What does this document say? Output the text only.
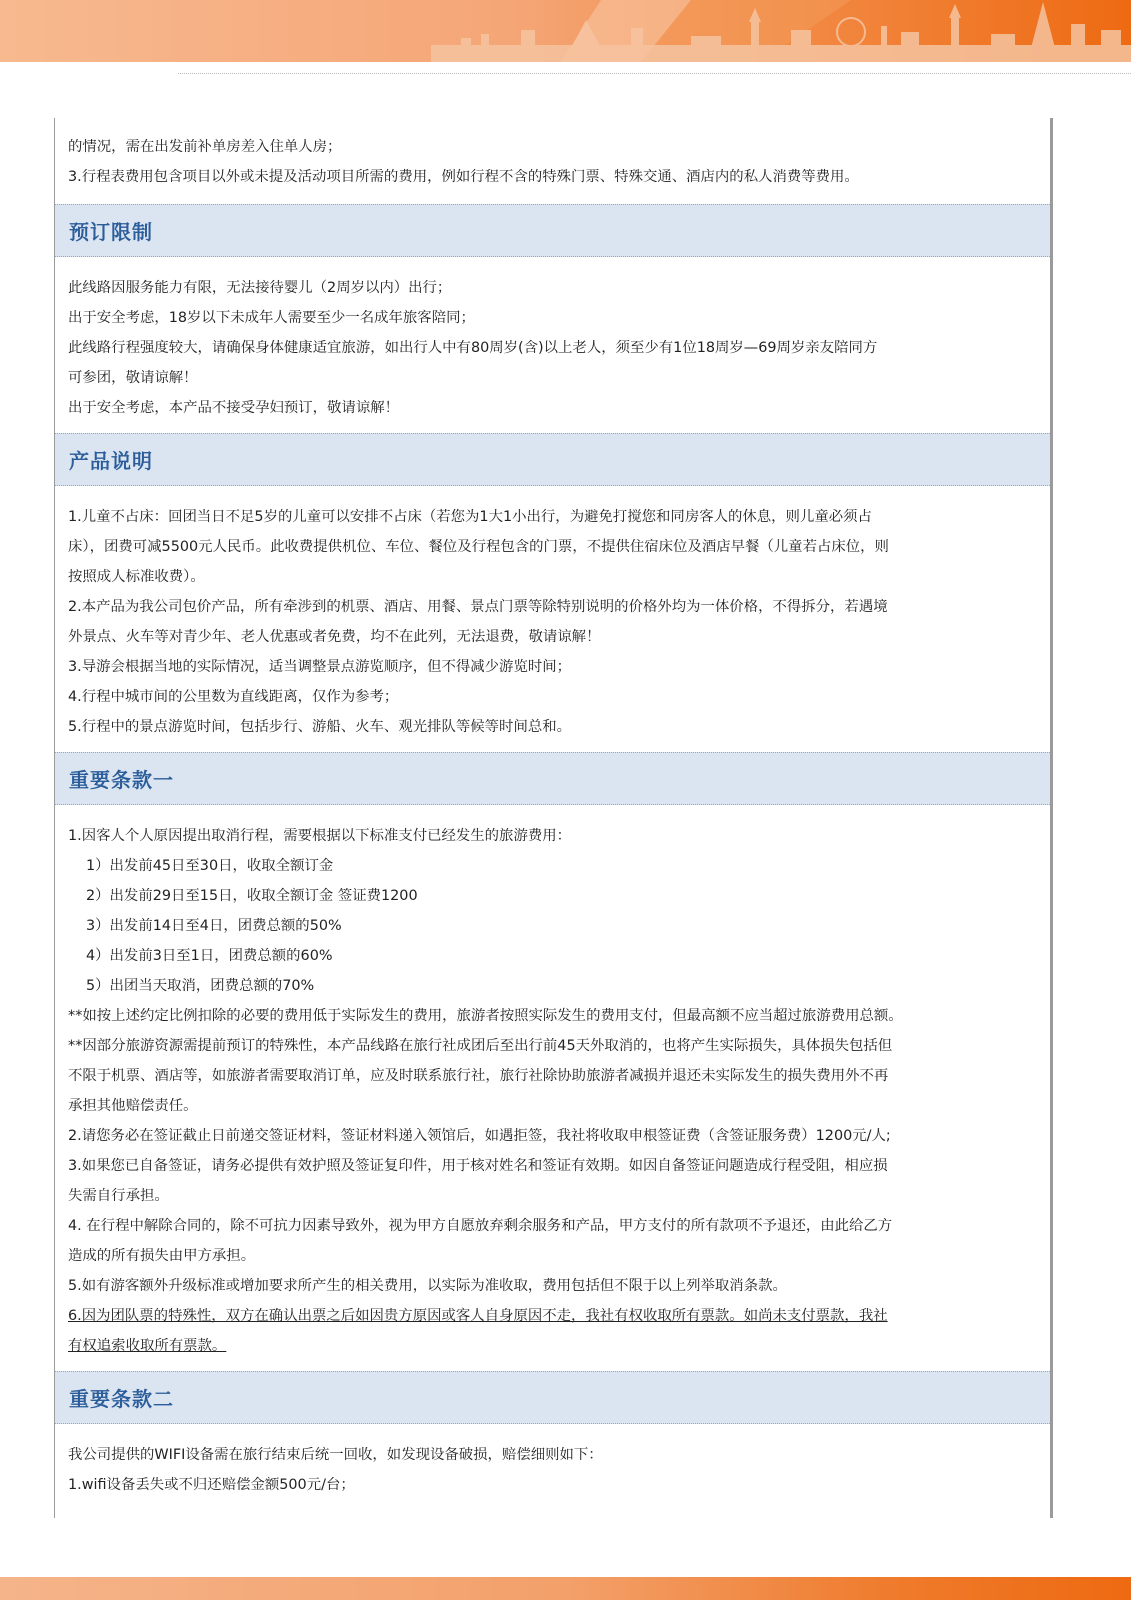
的情况，需在出发前补单房差入住单人房；
3.行程表费用包含项目以外或未提及活动项目所需的费用，例如行程不含的特殊门票、特殊交通、酒店内的私人消费等费用。
预订限制
此线路因服务能力有限，无法接待婴儿（2周岁以内）出行；
出于安全考虑，18岁以下未成年人需要至少一名成年旅客陪同；
此线路行程强度较大，请确保身体健康适宜旅游，如出行人中有80周岁(含)以上老人，须至少有1位18周岁—69周岁亲友陪同方
可参团，敬请谅解！
出于安全考虑，本产品不接受孕妇预订，敬请谅解！
产品说明
1.儿童不占床：回团当日不足5岁的儿童可以安排不占床（若您为1大1小出行，为避免打搅您和同房客人的休息，则儿童必须占
床），团费可减5500元人民币。此收费提供机位、车位、餐位及行程包含的门票，不提供住宿床位及酒店早餐（儿童若占床位，则
按照成人标准收费）。
2.本产品为我公司包价产品，所有牵涉到的机票、酒店、用餐、景点门票等除特别说明的价格外均为一体价格，不得拆分，若遇境
外景点、火车等对青少年、老人优惠或者免费，均不在此列，无法退费，敬请谅解！
3.导游会根据当地的实际情况，适当调整景点游览顺序，但不得减少游览时间；
4.行程中城市间的公里数为直线距离，仅作为参考；
5.行程中的景点游览时间，包括步行、游船、火车、观光排队等候等时间总和。
重要条款一
1.因客人个人原因提出取消行程，需要根据以下标准支付已经发生的旅游费用：
1）出发前45日至30日，收取全额订金
2）出发前29日至15日，收取全额订金 签证费1200
3）出发前14日至4日，团费总额的50%
4）出发前3日至1日，团费总额的60%
5）出团当天取消，团费总额的70%
**如按上述约定比例扣除的必要的费用低于实际发生的费用，旅游者按照实际发生的费用支付，但最高额不应当超过旅游费用总额。
**因部分旅游资源需提前预订的特殊性，本产品线路在旅行社成团后至出行前45天外取消的，也将产生实际损失，具体损失包括但
不限于机票、酒店等，如旅游者需要取消订单，应及时联系旅行社，旅行社除协助旅游者减损并退还未实际发生的损失费用外不再
承担其他赔偿责任。
2.请您务必在签证截止日前递交签证材料，签证材料递入领馆后，如遇拒签，我社将收取申根签证费（含签证服务费）1200元/人;
3.如果您已自备签证，请务必提供有效护照及签证复印件，用于核对姓名和签证有效期。如因自备签证问题造成行程受阻，相应损
失需自行承担。
4. 在行程中解除合同的，除不可抗力因素导致外，视为甲方自愿放弃剩余服务和产品，甲方支付的所有款项不予退还，由此给乙方
造成的所有损失由甲方承担。
5.如有游客额外升级标准或增加要求所产生的相关费用，以实际为准收取，费用包括但不限于以上列举取消条款。
6.因为团队票的特殊性，双方在确认出票之后如因贵方原因或客人自身原因不走，我社有权收取所有票款。如尚未支付票款，我社
有权追索收取所有票款。
重要条款二
我公司提供的WIFI设备需在旅行结束后统一回收，如发现设备破损，赔偿细则如下：
1.wifi设备丢失或不归还赔偿金额500元/台；
